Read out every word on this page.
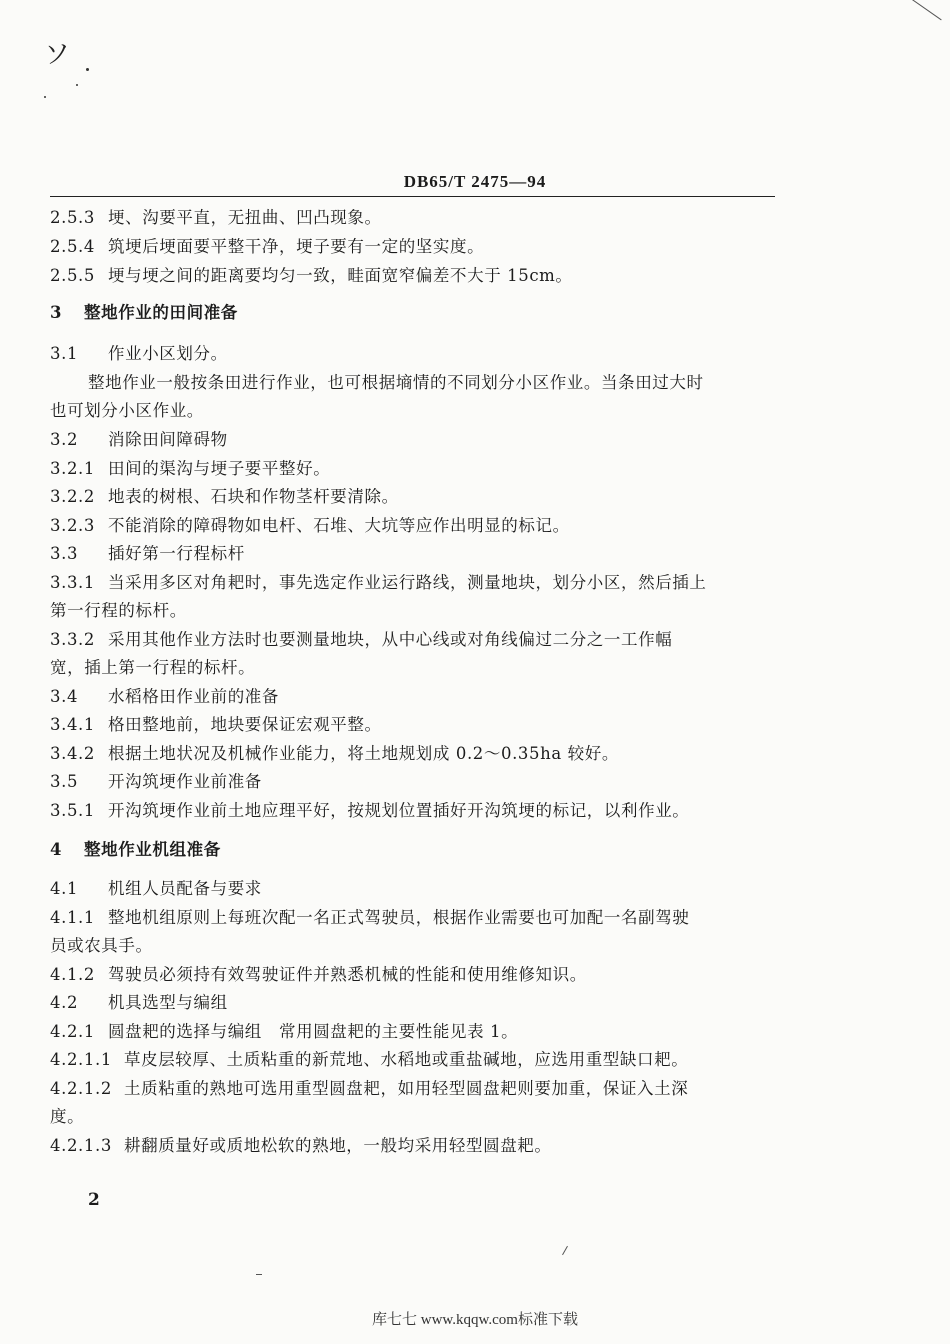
ソ
DB65/T 2475—94
2.5.3 埂、沟要平直，无扭曲、凹凸现象。
2.5.4 筑埂后埂面要平整干净，埂子要有一定的坚实度。
2.5.5 埂与埂之间的距离要均匀一致，畦面宽窄偏差不大于 15cm。
3 整地作业的田间准备
3.1 作业小区划分。
整地作业一般按条田进行作业，也可根据墒情的不同划分小区作业。当条田过大时
也可划分小区作业。
3.2 消除田间障碍物
3.2.1 田间的渠沟与埂子要平整好。
3.2.2 地表的树根、石块和作物茎杆要清除。
3.2.3 不能消除的障碍物如电杆、石堆、大坑等应作出明显的标记。
3.3 插好第一行程标杆
3.3.1 当采用多区对角耙时，事先选定作业运行路线，测量地块，划分小区，然后插上
第一行程的标杆。
3.3.2 采用其他作业方法时也要测量地块，从中心线或对角线偏过二分之一工作幅
宽，插上第一行程的标杆。
3.4 水稻格田作业前的准备
3.4.1 格田整地前，地块要保证宏观平整。
3.4.2 根据土地状况及机械作业能力，将土地规划成 0.2～0.35ha 较好。
3.5 开沟筑埂作业前准备
3.5.1 开沟筑埂作业前土地应理平好，按规划位置插好开沟筑埂的标记，以利作业。
4 整地作业机组准备
4.1 机组人员配备与要求
4.1.1 整地机组原则上每班次配一名正式驾驶员，根据作业需要也可加配一名副驾驶
员或农具手。
4.1.2 驾驶员必须持有效驾驶证件并熟悉机械的性能和使用维修知识。
4.2 机具选型与编组
4.2.1 圆盘耙的选择与编组　常用圆盘耙的主要性能见表 1。
4.2.1.1 草皮层较厚、土质粘重的新荒地、水稻地或重盐碱地，应选用重型缺口耙。
4.2.1.2 土质粘重的熟地可选用重型圆盘耙，如用轻型圆盘耙则要加重，保证入土深
度。
4.2.1.3 耕翻质量好或质地松软的熟地，一般均采用轻型圆盘耙。
2
库七七 www.kqqw.com标准下载
